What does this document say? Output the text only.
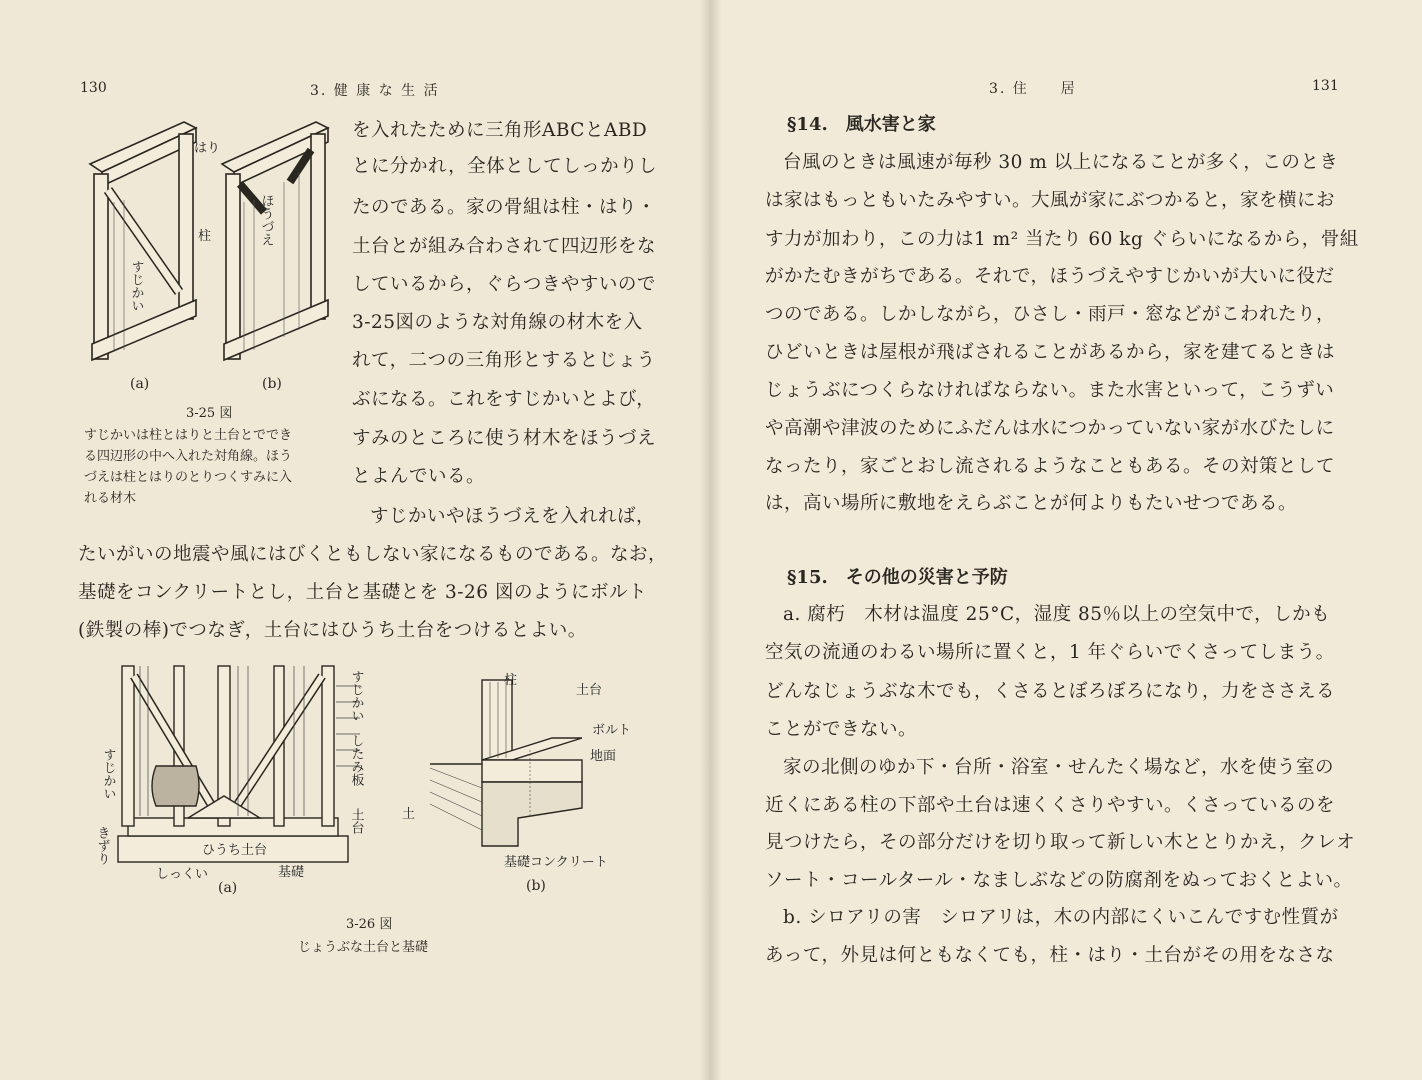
130	3. 健 康 な 生 活
はり
柱	ほうづえ
すじかい
(a)	(b)
3-25 図
すじかいは柱とはりと土台とででき
る四辺形の中へ入れた対角線。ほう
づえは柱とはりのとりつくすみに入
れる材木
を入れたために三角形ABCとABD
とに分かれ，全体としてしっかりし
たのである。家の骨組は柱・はり・
土台とが組み合わされて四辺形をな
しているから，ぐらつきやすいので
3-25図のような対角線の材木を入
れて，二つの三角形とするとじょう
ぶになる。これをすじかいとよび，
すみのところに使う材木をほうづえ
とよんでいる。
すじかいやほうづえを入れれば，
たいがいの地震や風にはびくともしない家になるものである。なお，
基礎をコンクリートとし，土台と基礎とを 3-26 図のようにボルト
(鉄製の棒)でつなぎ，土台にはひうち土台をつけるとよい。
すじかい
したみ板
土台
すじかい
きずり
しっくい
ひうち土台
基礎
(a)
柱
土台
ボルト
地面
土
基礎コンクリート
(b)
3-26 図
じょうぶな土台と基礎
3. 住　　居	131
§14.　風水害と家
台風のときは風速が毎秒 30 m 以上になることが多く，このとき
は家はもっともいたみやすい。大風が家にぶつかると，家を横にお
す力が加わり，この力は1 m² 当たり 60 kg ぐらいになるから，骨組
がかたむきがちである。それで，ほうづえやすじかいが大いに役だ
つのである。しかしながら，ひさし・雨戸・窓などがこわれたり，
ひどいときは屋根が飛ばされることがあるから，家を建てるときは
じょうぶにつくらなければならない。また水害といって，こうずい
や高潮や津波のためにふだんは水につかっていない家が水びたしに
なったり，家ごとおし流されるようなこともある。その対策として
は，高い場所に敷地をえらぶことが何よりもたいせつである。
§15.　その他の災害と予防
a. 腐朽　木材は温度 25°C，湿度 85％以上の空気中で，しかも
空気の流通のわるい場所に置くと，1 年ぐらいでくさってしまう。
どんなじょうぶな木でも，くさるとぼろぼろになり，力をささえる
ことができない。
家の北側のゆか下・台所・浴室・せんたく場など，水を使う室の
近くにある柱の下部や土台は速くくさりやすい。くさっているのを
見つけたら，その部分だけを切り取って新しい木ととりかえ，クレオ
ソート・コールタール・なましぶなどの防腐剤をぬっておくとよい。
b. シロアリの害　シロアリは，木の内部にくいこんですむ性質が
あって，外見は何ともなくても，柱・はり・土台がその用をなさな
